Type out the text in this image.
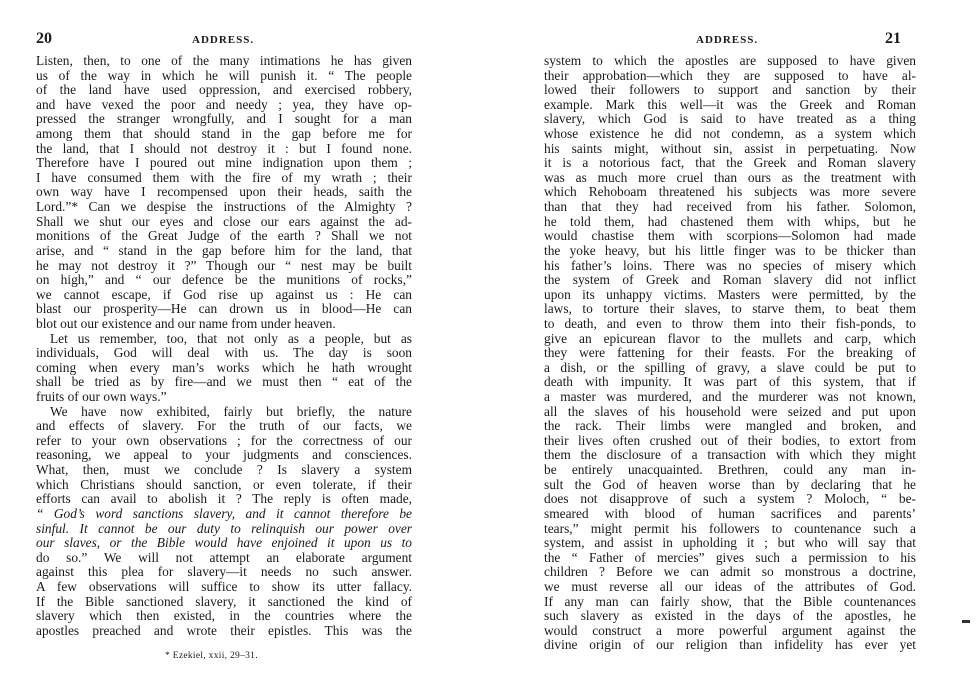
20	ADDRESS.
Listen, then, to one of the many intimations he has given
us of the way in which he will punish it. “ The people
of the land have used oppression, and exercised robbery,
and have vexed the poor and needy ; yea, they have op-
pressed the stranger wrongfully, and I sought for a man
among them that should stand in the gap before me for
the land, that I should not destroy it : but I found none.
Therefore have I poured out mine indignation upon them ;
I have consumed them with the fire of my wrath ; their
own way have I recompensed upon their heads, saith the
Lord.”* Can we despise the instructions of the Almighty ?
Shall we shut our eyes and close our ears against the ad-
monitions of the Great Judge of the earth ? Shall we not
arise, and “ stand in the gap before him for the land, that
he may not destroy it ?” Though our “ nest may be built
on high,” and “ our defence be the munitions of rocks,”
we cannot escape, if God rise up against us : He can
blast our prosperity—He can drown us in blood—He can
blot out our existence and our name from under heaven.
Let us remember, too, that not only as a people, but as
individuals, God will deal with us. The day is soon
coming when every man’s works which he hath wrought
shall be tried as by fire—and we must then “ eat of the
fruits of our own ways.”
We have now exhibited, fairly but briefly, the nature
and effects of slavery. For the truth of our facts, we
refer to your own observations ; for the correctness of our
reasoning, we appeal to your judgments and consciences.
What, then, must we conclude ? Is slavery a system
which Christians should sanction, or even tolerate, if their
efforts can avail to abolish it ? The reply is often made,
“ God’s word sanctions slavery, and it cannot therefore be
sinful. It cannot be our duty to relinquish our power over
our slaves, or the Bible would have enjoined it upon us to
do so.” We will not attempt an elaborate argument
against this plea for slavery—it needs no such answer.
A few observations will suffice to show its utter fallacy.
If the Bible sanctioned slavery, it sanctioned the kind of
slavery which then existed, in the countries where the
apostles preached and wrote their epistles. This was the
* Ezekiel, xxii, 29–31.
21
ADDRESS.
system to which the apostles are supposed to have given
their approbation—which they are supposed to have al-
lowed their followers to support and sanction by their
example. Mark this well—it was the Greek and Roman
slavery, which God is said to have treated as a thing
whose existence he did not condemn, as a system which
his saints might, without sin, assist in perpetuating. Now
it is a notorious fact, that the Greek and Roman slavery
was as much more cruel than ours as the treatment with
which Rehoboam threatened his subjects was more severe
than that they had received from his father. Solomon,
he told them, had chastened them with whips, but he
would chastise them with scorpions—Solomon had made
the yoke heavy, but his little finger was to be thicker than
his father’s loins. There was no species of misery which
the system of Greek and Roman slavery did not inflict
upon its unhappy victims. Masters were permitted, by the
laws, to torture their slaves, to starve them, to beat them
to death, and even to throw them into their fish-ponds, to
give an epicurean flavor to the mullets and carp, which
they were fattening for their feasts. For the breaking of
a dish, or the spilling of gravy, a slave could be put to
death with impunity. It was part of this system, that if
a master was murdered, and the murderer was not known,
all the slaves of his household were seized and put upon
the rack. Their limbs were mangled and broken, and
their lives often crushed out of their bodies, to extort from
them the disclosure of a transaction with which they might
be entirely unacquainted. Brethren, could any man in-
sult the God of heaven worse than by declaring that he
does not disapprove of such a system ? Moloch, “ be-
smeared with blood of human sacrifices and parents’
tears,” might permit his followers to countenance such a
system, and assist in upholding it ; but who will say that
the “ Father of mercies” gives such a permission to his
children ? Before we can admit so monstrous a doctrine,
we must reverse all our ideas of the attributes of God.
If any man can fairly show, that the Bible countenances
such slavery as existed in the days of the apostles, he
would construct a more powerful argument against the
divine origin of our religion than infidelity has ever yet
